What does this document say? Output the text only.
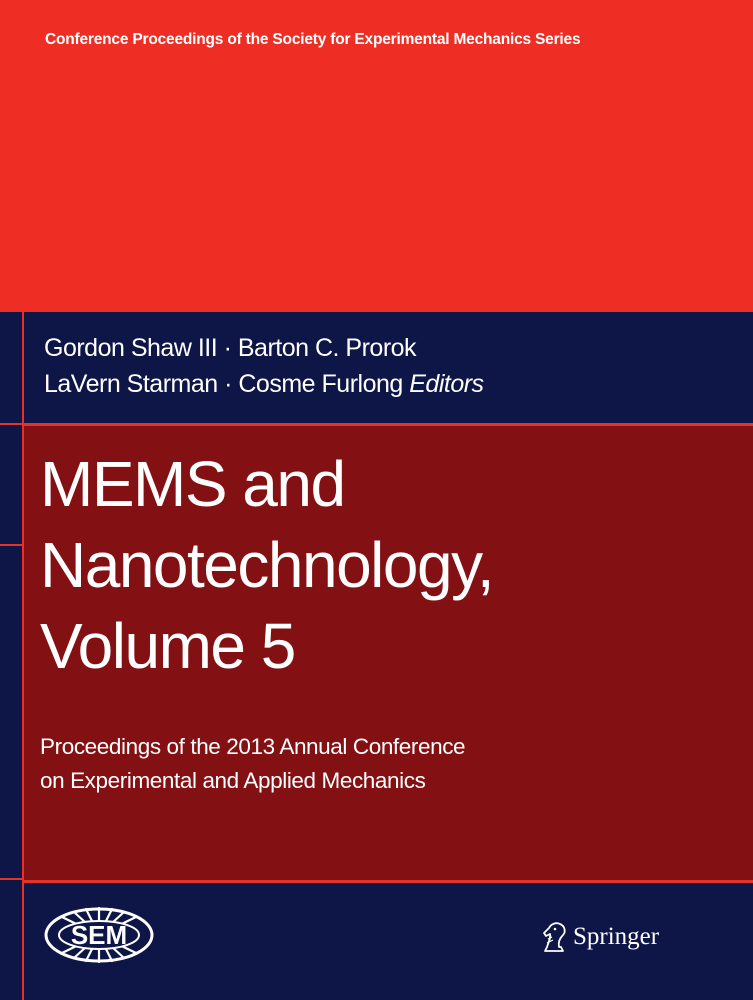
Conference Proceedings of the Society for Experimental Mechanics Series
Gordon Shaw III · Barton C. Prorok
LaVern Starman · Cosme Furlong Editors
MEMS and
Nanotechnology,
Volume 5
Proceedings of the 2013 Annual Conference
on Experimental and Applied Mechanics
SEM	Springer
